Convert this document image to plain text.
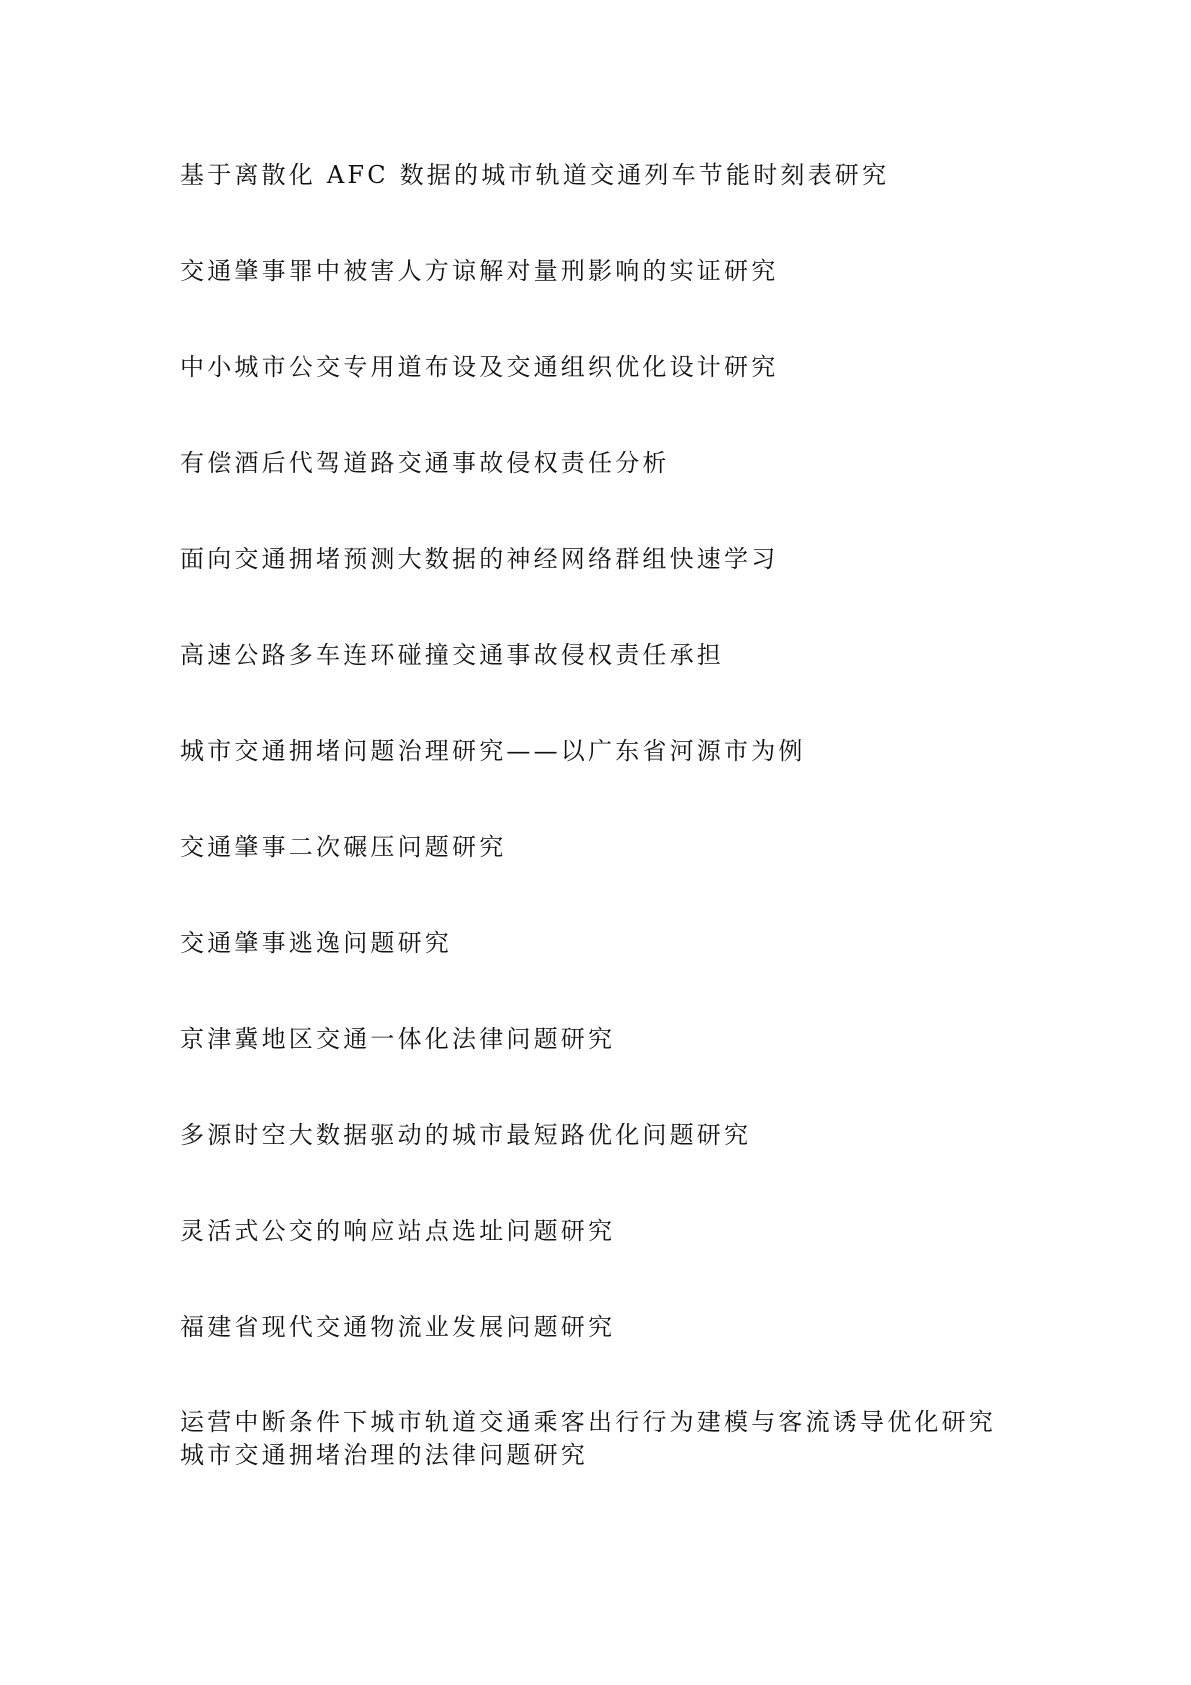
基于离散化 AFC 数据的城市轨道交通列车节能时刻表研究
交通肇事罪中被害人方谅解对量刑影响的实证研究
中小城市公交专用道布设及交通组织优化设计研究
有偿酒后代驾道路交通事故侵权责任分析
面向交通拥堵预测大数据的神经网络群组快速学习
高速公路多车连环碰撞交通事故侵权责任承担
城市交通拥堵问题治理研究——以广东省河源市为例
交通肇事二次碾压问题研究
交通肇事逃逸问题研究
京津冀地区交通一体化法律问题研究
多源时空大数据驱动的城市最短路优化问题研究
灵活式公交的响应站点选址问题研究
福建省现代交通物流业发展问题研究
运营中断条件下城市轨道交通乘客出行行为建模与客流诱导优化研究城市交通拥堵治理的法律问题研究
